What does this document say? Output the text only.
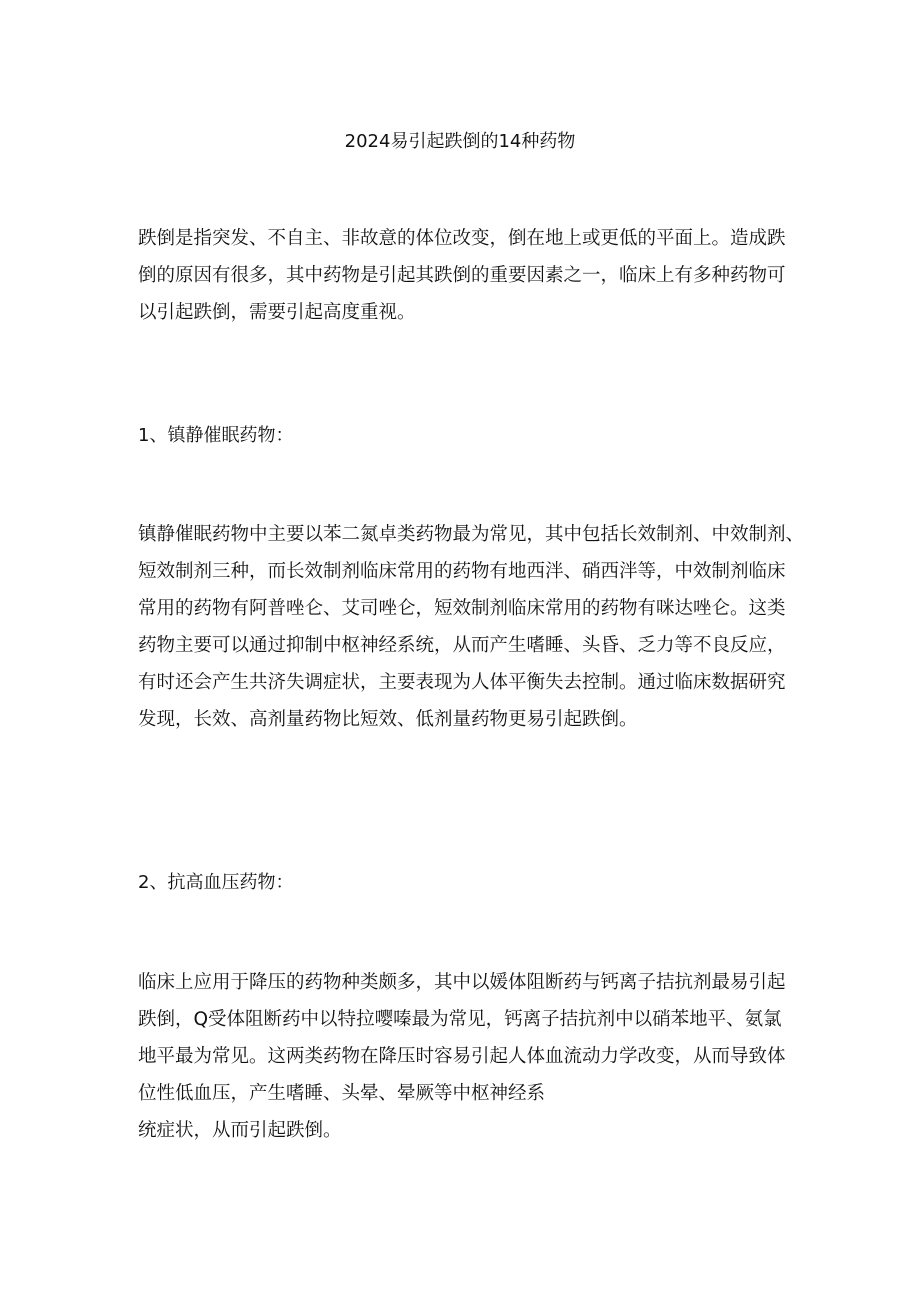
2024易引起跌倒的14种药物
跌倒是指突发、不自主、非故意的体位改变，倒在地上或更低的平面上。造成跌
倒的原因有很多，其中药物是引起其跌倒的重要因素之一，临床上有多种药物可
以引起跌倒，需要引起高度重视。
1、镇静催眠药物：
镇静催眠药物中主要以苯二氮卓类药物最为常见，其中包括长效制剂、中效制剂、
短效制剂三种，而长效制剂临床常用的药物有地西泮、硝西泮等，中效制剂临床
常用的药物有阿普唑仑、艾司唑仑，短效制剂临床常用的药物有咪达唑仑。这类
药物主要可以通过抑制中枢神经系统，从而产生嗜睡、头昏、乏力等不良反应，
有时还会产生共济失调症状，主要表现为人体平衡失去控制。通过临床数据研究
发现，长效、高剂量药物比短效、低剂量药物更易引起跌倒。
2、抗高血压药物：
临床上应用于降压的药物种类颇多，其中以媛体阻断药与钙离子拮抗剂最易引起
跌倒，Q受体阻断药中以特拉嘤嗪最为常见，钙离子拮抗剂中以硝苯地平、氨氯
地平最为常见。这两类药物在降压时容易引起人体血流动力学改变，从而导致体
位性低血压，产生嗜睡、头晕、晕厥等中枢神经系
统症状，从而引起跌倒。
